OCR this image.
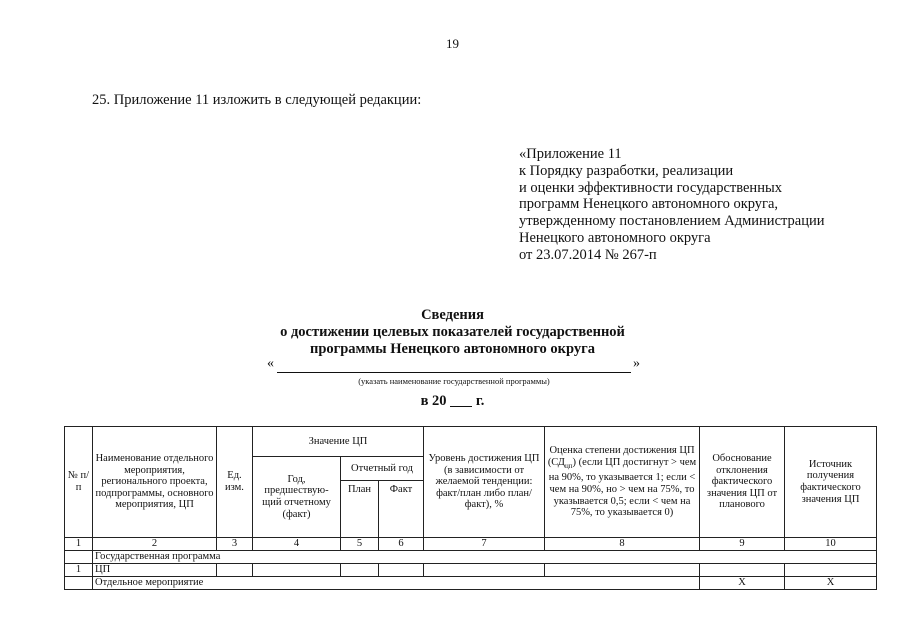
19
25. Приложение 11 изложить в следующей редакции:
«Приложение 11
к Порядку разработки, реализации
и оценки эффективности государственных
программ Ненецкого автономного округа,
утвержденному постановлением Администрации
Ненецкого автономного округа
от 23.07.2014 № 267-п
Сведения
о достижении целевых показателей государственной
программы Ненецкого автономного округа
«	»
(указать наименование государственной программы)
в 20 г.
№ п/п	Наименование отдельного мероприятия, регионального проекта, подпрограммы, основного мероприятия, ЦП	Ед. изм.	Значение ЦП			Уровень достижения ЦП (в зависимости от желаемой тенденции: факт/план либо план/факт), %	Оценка степени достижения ЦП $(СД_{цп})$ (если ЦП достигнут > чем на 90%, то указывается 1; если < чем на 90%, но > чем на 75%, то указывается 0,5; если < чем на 75%, то указывается 0)	Обоснование отклонения фактического значения ЦП от планового	Источник получения фактического значения ЦП
			Год, предшествую-щий отчетному (факт)	Отчетный год					
				План	Факт				
1	2	3	4	5	6	7	8	9	10
	Государственная программа								
1	ЦП								
	Отдельное мероприятие							X	X
